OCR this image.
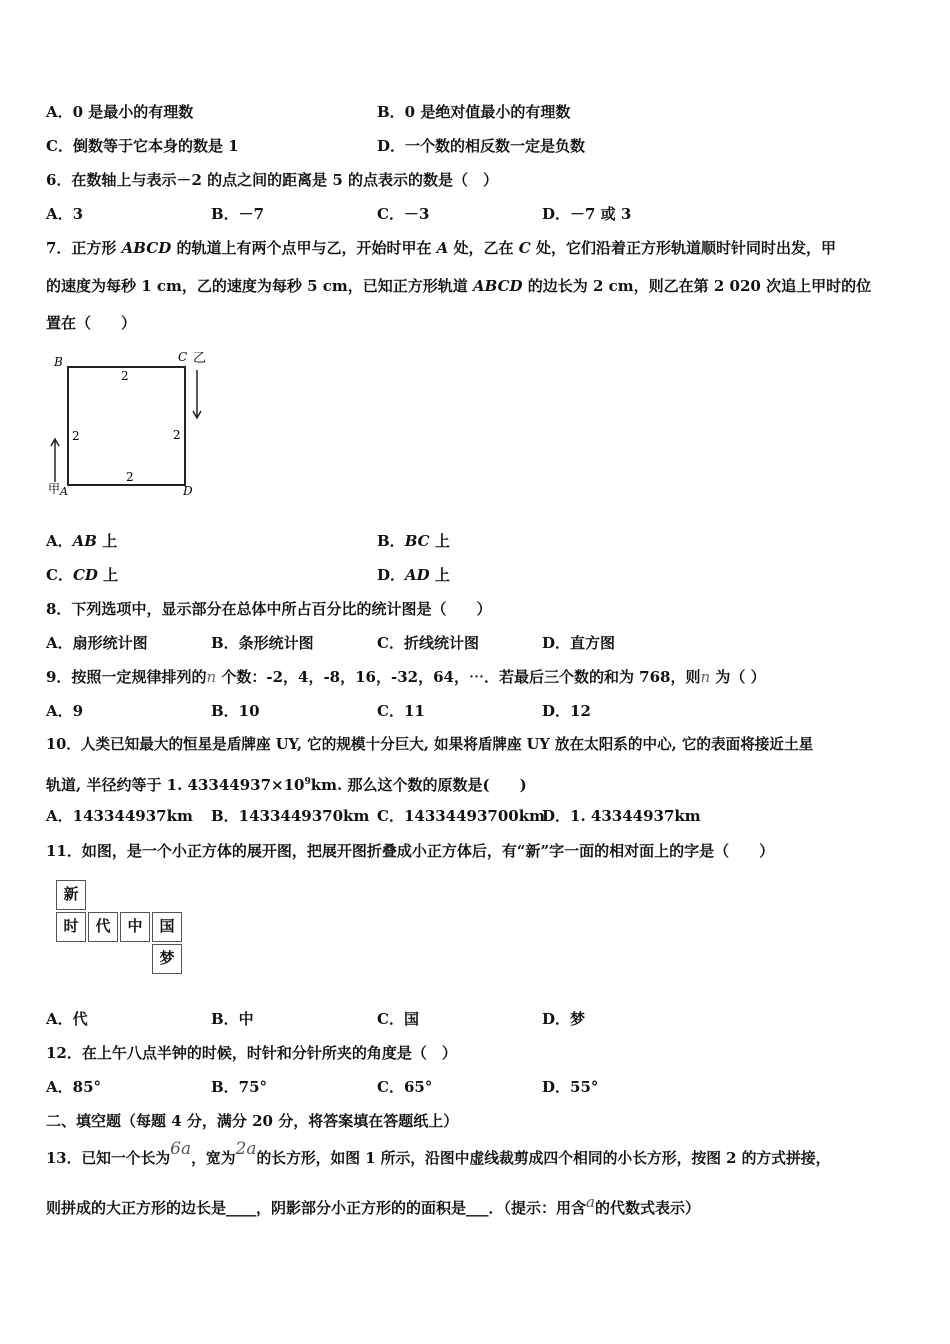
A．0 是最小的有理数	B．0 是绝对值最小的有理数
C．倒数等于它本身的数是 1	D．一个数的相反数一定是负数
6．在数轴上与表示－2 的点之间的距离是 5 的点表示的数是（　）
A．3	B．－7	C．－3	D．－7 或 3
7．正方形 ABCD 的轨道上有两个点甲与乙，开始时甲在 A 处，乙在 C 处，它们沿着正方形轨道顺时针同时出发，甲
的速度为每秒 1 cm，乙的速度为每秒 5 cm，已知正方形轨道 ABCD 的边长为 2 cm，则乙在第 2 020 次追上甲时的位
置在（　　）
B	C 乙
A
甲	D
2
2	2
2
A．AB 上	B．BC 上
C．CD 上	D．AD 上
8．下列选项中，显示部分在总体中所占百分比的统计图是（　　）
A．扇形统计图	B．条形统计图	C．折线统计图	D．直方图
9．按照一定规律排列的n 个数：-2，4，-8，16，-32，64，⋯．若最后三个数的和为 768，则n 为（ ）
A．9	B．10	C．11	D．12
10．人类已知最大的恒星是盾牌座 UY, 它的规模十分巨大, 如果将盾牌座 UY 放在太阳系的中心, 它的表面将接近土星
轨道, 半径约等于 1. $43344937\times 10^9km$. 那么这个数的原数是(　　)
A．143344937km B．1433449370km C．14334493700km
D．1. 43344937km
11．如图，是一个小正方体的展开图，把展开图折叠成小正方体后，有“新”字一面的相对面上的字是（　　）
新
时	代	中	国
梦
A．代	B．中	C．国	D．梦
12．在上午八点半钟的时候，时针和分针所夹的角度是（　）
A．85°	B．75°	C．65°	D．55°
二、填空题（每题 4 分，满分 20 分，将答案填在答题纸上）
13．已知一个长为6a，宽为2a的长方形，如图 1 所示，沿图中虚线裁剪成四个相同的小长方形，按图 2 的方式拼接，
则拼成的大正方形的边长是____，阴影部分小正方形的的面积是___．（提示：用含a的代数式表示）
